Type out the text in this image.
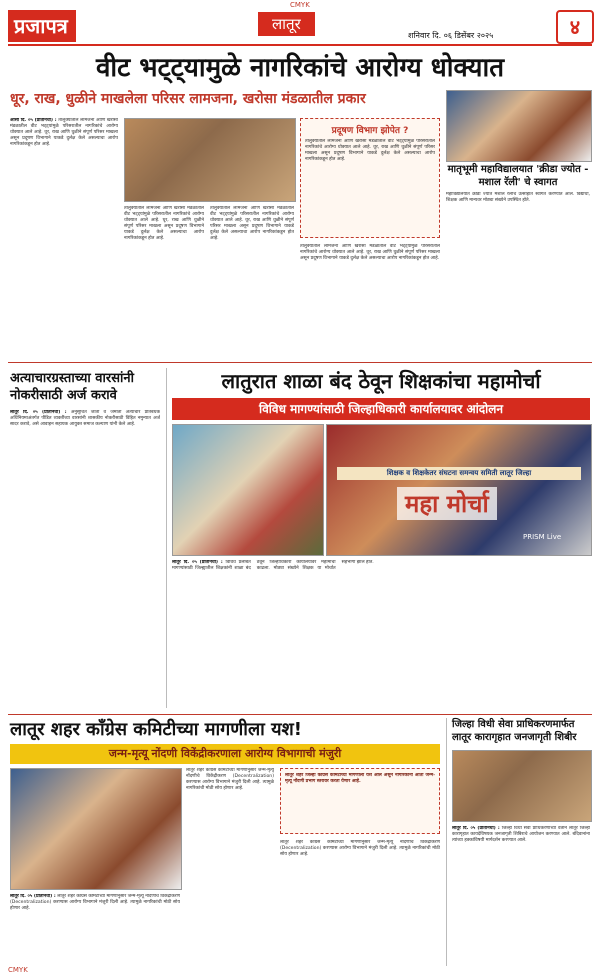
CMYK
प्रजापत्र	लातूर
शनिवार दि. ०६ डिसेंबर २०२५	४
वीट भट्ट्यामुळे नागरिकांचे आरोग्य धोक्यात
धूर, राख, धुळीने माखलेला परिसर लामजना, खरोसा मंडळातील प्रकार
औसा दि. ०५ (प्रतिनिधी) : तालुक्यातील लामजना आणि खरोसा मंडळातील वीट भट्ट्यांमुळे परिसरातील नागरिकांचे आरोग्य धोक्यात आले आहे. धूर, राख आणि धुळीने संपूर्ण परिसर माखला असून प्रदूषण विभागाने याकडे दुर्लक्ष केले असल्याचा आरोप नागरिकांकडून होत आहे.
तालुक्यातील लामजना आणि खरोसा मंडळातील वीट भट्ट्यांमुळे परिसरातील नागरिकांचे आरोग्य धोक्यात आले आहे. धूर, राख आणि धुळीने संपूर्ण परिसर माखला असून प्रदूषण विभागाने याकडे दुर्लक्ष केले असल्याचा आरोप नागरिकांकडून होत आहे.
तालुक्यातील लामजना आणि खरोसा मंडळातील वीट भट्ट्यांमुळे परिसरातील नागरिकांचे आरोग्य धोक्यात आले आहे. धूर, राख आणि धुळीने संपूर्ण परिसर माखला असून प्रदूषण विभागाने याकडे दुर्लक्ष केले असल्याचा आरोप नागरिकांकडून होत आहे.
प्रदूषण विभाग झोपेत ?
तालुक्यातील लामजना आणि खरोसा मंडळातील वीट भट्ट्यांमुळे परिसरातील नागरिकांचे आरोग्य धोक्यात आले आहे. धूर, राख आणि धुळीने संपूर्ण परिसर माखला असून प्रदूषण विभागाने याकडे दुर्लक्ष केले असल्याचा आरोप नागरिकांकडून होत आहे.
तालुक्यातील लामजना आणि खरोसा मंडळातील वीट भट्ट्यांमुळे परिसरातील नागरिकांचे आरोग्य धोक्यात आले आहे. धूर, राख आणि धुळीने संपूर्ण परिसर माखला असून प्रदूषण विभागाने याकडे दुर्लक्ष केले असल्याचा आरोप नागरिकांकडून होत आहे.
मातृभूमी महाविद्यालयात 'क्रीडा ज्योत - मशाल रॅली' चे स्वागत
महाविद्यालयात क्रीडा ज्योत मशाल रॅलीचे उत्साहात स्वागत करण्यात आले. विद्यार्थी, शिक्षक आणि मान्यवर मोठ्या संख्येने उपस्थित होते.
अत्याचारग्रस्ताच्या वारसांनी नोकरीसाठी अर्ज करावे
लातूर दि. ०५ (प्रतिनिधी) : अनुसूचित जाती व जमाती अत्याचार प्रतिबंधक अधिनियमाअंतर्गत पीडित व्यक्तींच्या वारसांनी शासकीय नोकरीसाठी विहित नमुन्यात अर्ज सादर करावे, असे आवाहन सहायक आयुक्त समाज कल्याण यांनी केले आहे.
लातुरात शाळा बंद ठेवून शिक्षकांचा महामोर्चा
विविध मागण्यांसाठी जिल्हाधिकारी कार्यालयावर आंदोलन
शिक्षक व शिक्षकेतर संघटना समन्वय समिती लातूर जिल्हा
महा मोर्चा
PRISM Live
लातूर दि. ०५ (प्रतिनिधी) : विविध प्रलंबित मागण्यांसाठी जिल्ह्यातील शिक्षकांनी शाळा बंद ठेवून जिल्हाधिकारी कार्यालयावर महामोर्चा काढला. मोठ्या संख्येने शिक्षक या मोर्चात सहभागी झाले होते.
लातूर शहर काँग्रेस कमिटीच्या मागणीला यश!
जन्म-मृत्यू नोंदणी विकेंद्रीकरणाला आरोग्य विभागाची मंजुरी
लातूर शहर काँग्रेस कमिटीच्या मागणीनुसार जन्म-मृत्यू नोंदणीचे विकेंद्रीकरण (Decentralization) करण्यास आरोग्य विभागाने मंजुरी दिली आहे. त्यामुळे नागरिकांची मोठी सोय होणार आहे.
लातूर शहर जिल्हा काँग्रेस कमिटीच्या मागणीला यश आले असून नागरिकांना आता जन्म-मृत्यू नोंदणी प्रभाग स्तरावर करता येणार आहे.
लातूर शहर काँग्रेस कमिटीच्या मागणीनुसार जन्म-मृत्यू नोंदणीचे विकेंद्रीकरण (Decentralization) करण्यास आरोग्य विभागाने मंजुरी दिली आहे. त्यामुळे नागरिकांची मोठी सोय होणार आहे.
लातूर दि. ०५ (प्रतिनिधी) : लातूर शहर काँग्रेस कमिटीच्या मागणीनुसार जन्म-मृत्यू नोंदणीचे विकेंद्रीकरण (Decentralization) करण्यास आरोग्य विभागाने मंजुरी दिली आहे. त्यामुळे नागरिकांची मोठी सोय होणार आहे.
जिल्हा विधी सेवा प्राधिकरणमार्फत लातूर कारागृहात जनजागृती शिबीर
लातूर दि. ०५ (प्रतिनिधी) : जिल्हा विधी सेवा प्राधिकरणाच्या वतीने लातूर जिल्हा कारागृहात कायदेविषयक जनजागृती शिबिराचे आयोजन करण्यात आले. बंदिवानांना त्यांच्या हक्कांविषयी मार्गदर्शन करण्यात आले.
CMYK
